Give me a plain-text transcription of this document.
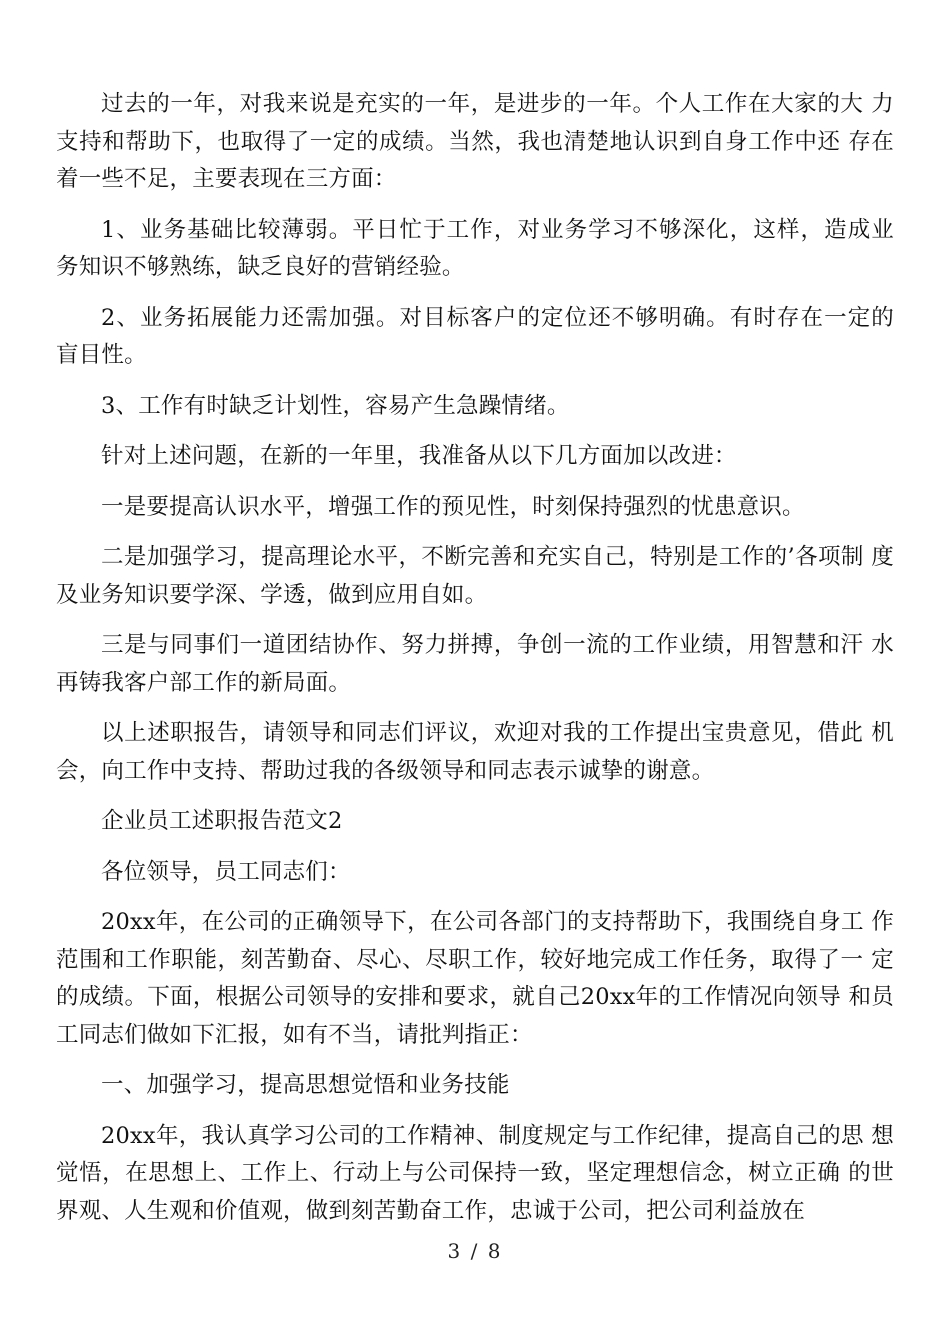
过去的一年，对我来说是充实的一年，是进步的一年。个人工作在大家的大 力支持和帮助下，也取得了一定的成绩。当然，我也清楚地认识到自身工作中还 存在着一些不足，主要表现在三方面：

1、业务基础比较薄弱。平日忙于工作，对业务学习不够深化，这样，造成业 务知识不够熟练，缺乏良好的营销经验。

2、业务拓展能力还需加强。对目标客户的定位还不够明确。有时存在一定的 盲目性。

3、工作有时缺乏计划性，容易产生急躁情绪。

针对上述问题，在新的一年里，我准备从以下几方面加以改进：

一是要提高认识水平，增强工作的预见性，时刻保持强烈的忧患意识。

二是加强学习，提高理论水平，不断完善和充实自己，特别是工作的’各项制 度及业务知识要学深、学透，做到应用自如。

三是与同事们一道团结协作、努力拼搏，争创一流的工作业绩，用智慧和汗 水再铸我客户部工作的新局面。

以上述职报告，请领导和同志们评议，欢迎对我的工作提出宝贵意见，借此 机会，向工作中支持、帮助过我的各级领导和同志表示诚挚的谢意。

企业员工述职报告范文2

各位领导，员工同志们：

20xx年，在公司的正确领导下，在公司各部门的支持帮助下，我围绕自身工 作范围和工作职能，刻苦勤奋、尽心、尽职工作，较好地完成工作任务，取得了一 定的成绩。下面，根据公司领导的安排和要求，就自己20xx年的工作情况向领导 和员工同志们做如下汇报，如有不当，请批判指正：

一、加强学习，提高思想觉悟和业务技能

20xx年，我认真学习公司的工作精神、制度规定与工作纪律，提高自己的思 想觉悟，在思想上、工作上、行动上与公司保持一致，坚定理想信念，树立正确 的世界观、人生观和价值观，做到刻苦勤奋工作，忠诚于公司，把公司利益放在

3 / 8
